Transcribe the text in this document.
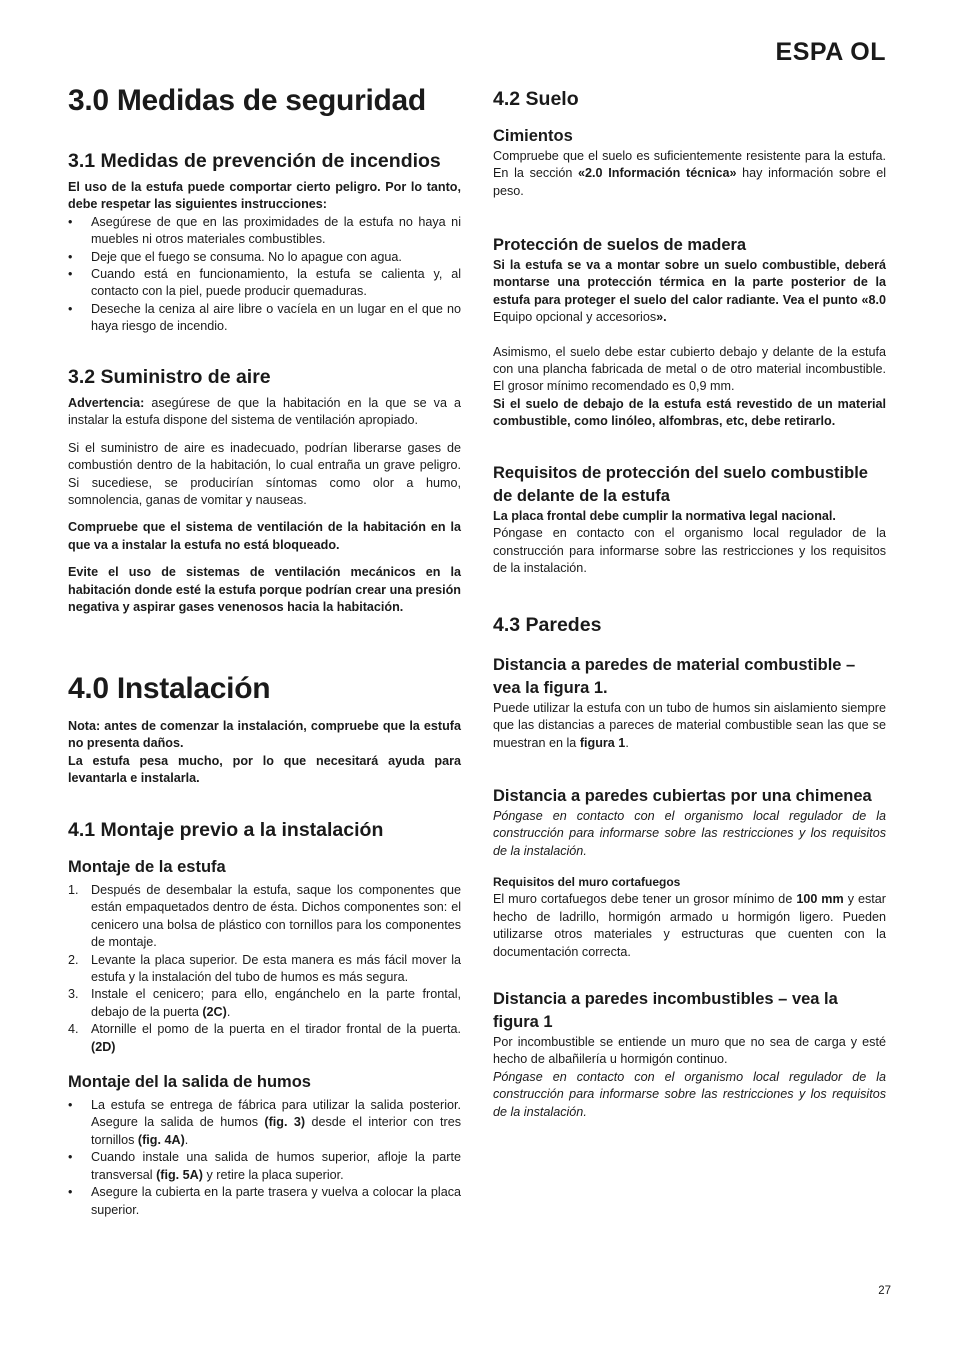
ESPA OL
3.0 Medidas de seguridad
3.1 Medidas de prevención de incendios

El uso de la estufa puede comportar cierto peligro. Por lo tanto, debe respetar las siguientes instrucciones:

• Asegúrese de que en las proximidades de la estufa no haya ni muebles ni otros materiales combustibles.
• Deje que el fuego se consuma. No lo apague con agua.
• Cuando está en funcionamiento, la estufa se calienta y, al contacto con la piel, puede producir quemaduras.
• Deseche la ceniza al aire libre o vacíela en un lugar en el que no haya riesgo de incendio.
3.2 Suministro de aire

Advertencia: asegúrese de que la habitación en la que se va a instalar la estufa dispone del sistema de ventilación apropiado.

Si el suministro de aire es inadecuado, podrían liberarse gases de combustión dentro de la habitación, lo cual entraña un grave peligro. Si sucediese, se producirían síntomas como olor a humo, somnolencia, ganas de vomitar y nauseas.

Compruebe que el sistema de ventilación de la habitación en la que va a instalar la estufa no está bloqueado.

Evite el uso de sistemas de ventilación mecánicos en la habitación donde esté la estufa porque podrían crear una presión negativa y aspirar gases venenosos hacia la habitación.

4.0 Instalación

Nota: antes de comenzar la instalación, compruebe que la estufa no presenta daños.

La estufa pesa mucho, por lo que necesitará ayuda para levantarla e instalarla.

4.1 Montaje previo a la instalación
Montaje de la estufa
1. Después de desembalar la estufa, saque los componentes que están empaquetados dentro de ésta. Dichos componentes son: el cenicero una bolsa de plástico con tornillos para los componentes de montaje.
2. Levante la placa superior. De esta manera es más fácil mover la estufa y la instalación del tubo de humos es más segura.
3. Instale el cenicero; para ello, engánchelo en la parte frontal, debajo de la puerta (2C).
4. Atornille el pomo de la puerta en el tirador frontal de la puerta. (2D)
Montaje del la salida de humos
• La estufa se entrega de fábrica para utilizar la salida posterior. Asegure la salida de humos (fig. 3) desde el interior con tres tornillos (fig. 4A).
• Cuando instale una salida de humos superior, afloje la parte transversal (fig. 5A) y retire la placa superior.
• Asegure la cubierta en la parte trasera y vuelva a colocar la placa superior.
4.2 Suelo
Cimientos

Compruebe que el suelo es suficientemente resistente para la estufa. En la sección «2.0 Información técnica» hay información sobre el peso.

Protección de suelos de madera

Si la estufa se va a montar sobre un suelo combustible, deberá montarse una protección térmica en la parte posterior de la estufa para proteger el suelo del calor radiante. Vea el punto «8.0 Equipo opcional y accesorios».

Asimismo, el suelo debe estar cubierto debajo y delante de la estufa con una plancha fabricada de metal o de otro material incombustible. El grosor mínimo recomendado es 0,9 mm.

Si el suelo de debajo de la estufa está revestido de un material combustible, como linóleo, alfombras, etc, debe retirarlo.

Requisitos de protección del suelo combustible de delante de la estufa

La placa frontal debe cumplir la normativa legal nacional.

Póngase en contacto con el organismo local regulador de la construcción para informarse sobre las restricciones y los requisitos de la instalación.

4.3 Paredes
Distancia a paredes de material combustible – vea la figura 1.

Puede utilizar la estufa con un tubo de humos sin aislamiento siempre que las distancias a pareces de material combustible sean las que se muestran en la figura 1.

Distancia a paredes cubiertas por una chimenea

Póngase en contacto con el organismo local regulador de la construcción para informarse sobre las restricciones y los requisitos de la instalación.

Requisitos del muro cortafuegos

El muro cortafuegos debe tener un grosor mínimo de 100 mm y estar hecho de ladrillo, hormigón armado u hormigón ligero. Pueden utilizarse otros materiales y estructuras que cuenten con la documentación correcta.

Distancia a paredes incombustibles – vea la figura 1

Por incombustible se entiende un muro que no sea de carga y esté hecho de albañilería u hormigón continuo.

Póngase en contacto con el organismo local regulador de la construcción para informarse sobre las restricciones y los requisitos de la instalación.

27
